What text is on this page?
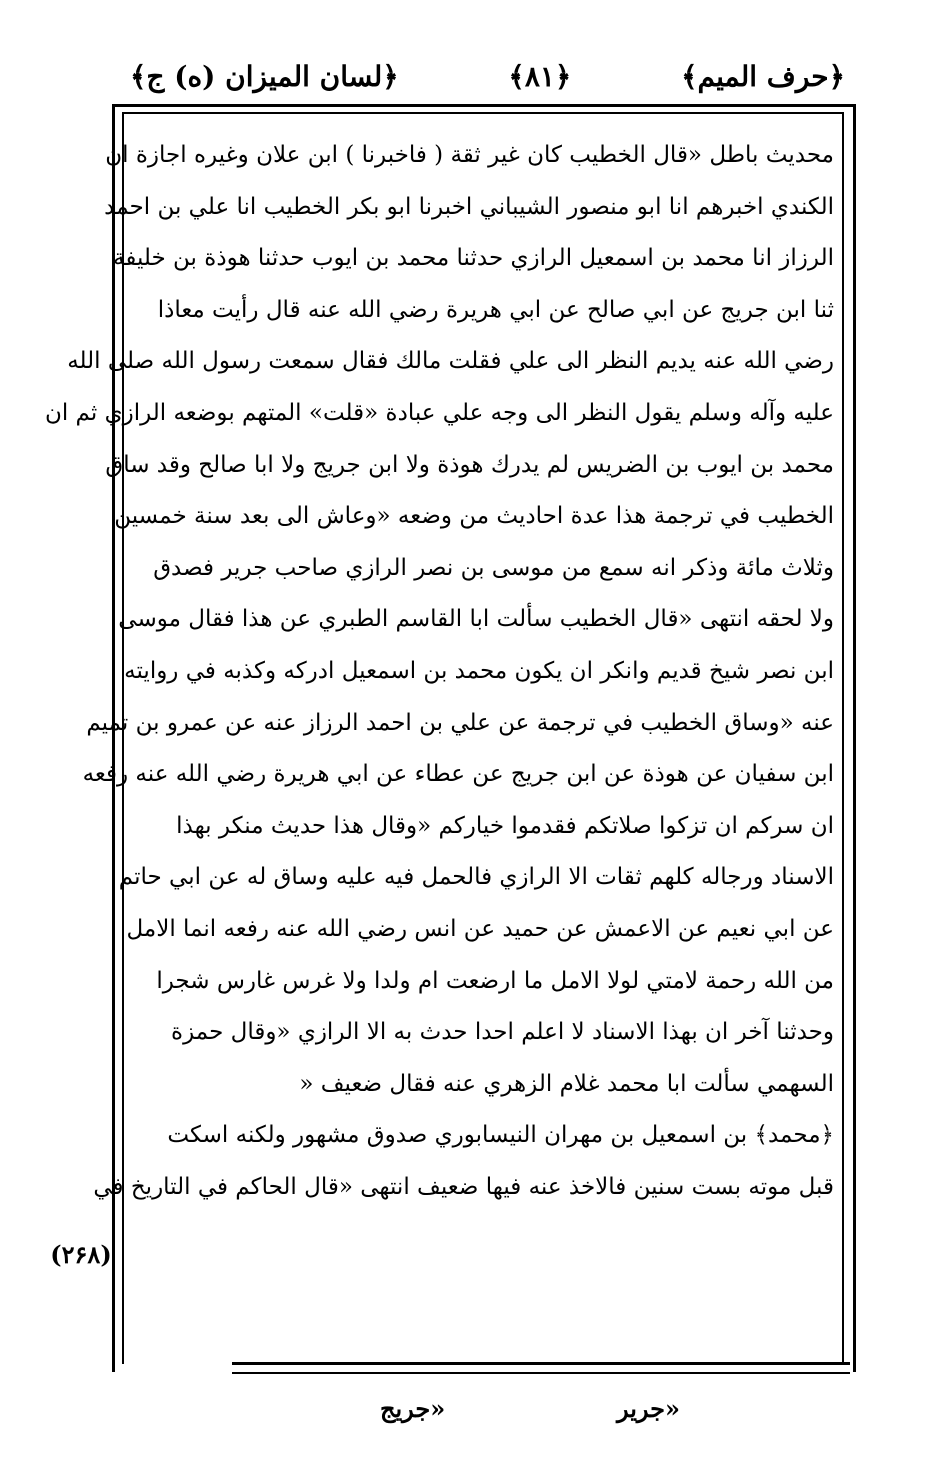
﴿حرف الميم﴾
﴿۸۱﴾
﴿لسان الميزان (ه) ج﴾
محديث باطل «قال الخطيب كان غير ثقة ( فاخبرنا ) ابن علان وغيره اجازة ان
الكندي اخبرهم انا ابو منصور الشيباني اخبرنا ابو بكر الخطيب انا علي بن احمد
الرزاز انا محمد بن اسمعيل الرازي حدثنا محمد بن ايوب حدثنا هوذة بن خليفة
ثنا ابن جريج عن ابي صالح عن ابي هريرة رضي الله عنه قال رأيت معاذا
رضي الله عنه يديم النظر الى علي فقلت مالك فقال سمعت رسول الله صلى الله
عليه وآله وسلم يقول النظر الى وجه علي عبادة «قلت» المتهم بوضعه الرازي ثم ان
محمد بن ايوب بن الضريس لم يدرك هوذة ولا ابن جريج ولا ابا صالح وقد ساق
الخطيب في ترجمة هذا عدة احاديث من وضعه «وعاش الى بعد سنة خمسين
وثلاث مائة وذكر انه سمع من موسى بن نصر الرازي صاحب جرير فصدق
ولا لحقه انتهى «قال الخطيب سألت ابا القاسم الطبري عن هذا فقال موسى
ابن نصر شيخ قديم وانكر ان يكون محمد بن اسمعيل ادركه وكذبه في روايته
عنه «وساق الخطيب في ترجمة عن علي بن احمد الرزاز عنه عن عمرو بن تميم
ابن سفيان عن هوذة عن ابن جريج عن عطاء عن ابي هريرة رضي الله عنه رفعه
ان سركم ان تزكوا صلاتكم فقدموا خياركم «وقال هذا حديث منكر بهذا
الاسناد ورجاله كلهم ثقات الا الرازي فالحمل فيه عليه وساق له عن ابي حاتم
عن ابي نعيم عن الاعمش عن حميد عن انس رضي الله عنه رفعه انما الامل
من الله رحمة لامتي لولا الامل ما ارضعت ام ولدا ولا غرس غارس شجرا
وحدثنا آخر ان بهذا الاسناد لا اعلم احدا حدث به الا الرازي «وقال حمزة
السهمي سألت ابا محمد غلام الزهري عنه فقال ضعيف «
﴿محمد﴾ بن اسمعيل بن مهران النيسابوري صدوق مشهور ولكنه اسكت
قبل موته بست سنين فالاخذ عنه فيها ضعيف انتهى «قال الحاكم في التاريخ في
(۲۶۸)
«جرير
«جريج
